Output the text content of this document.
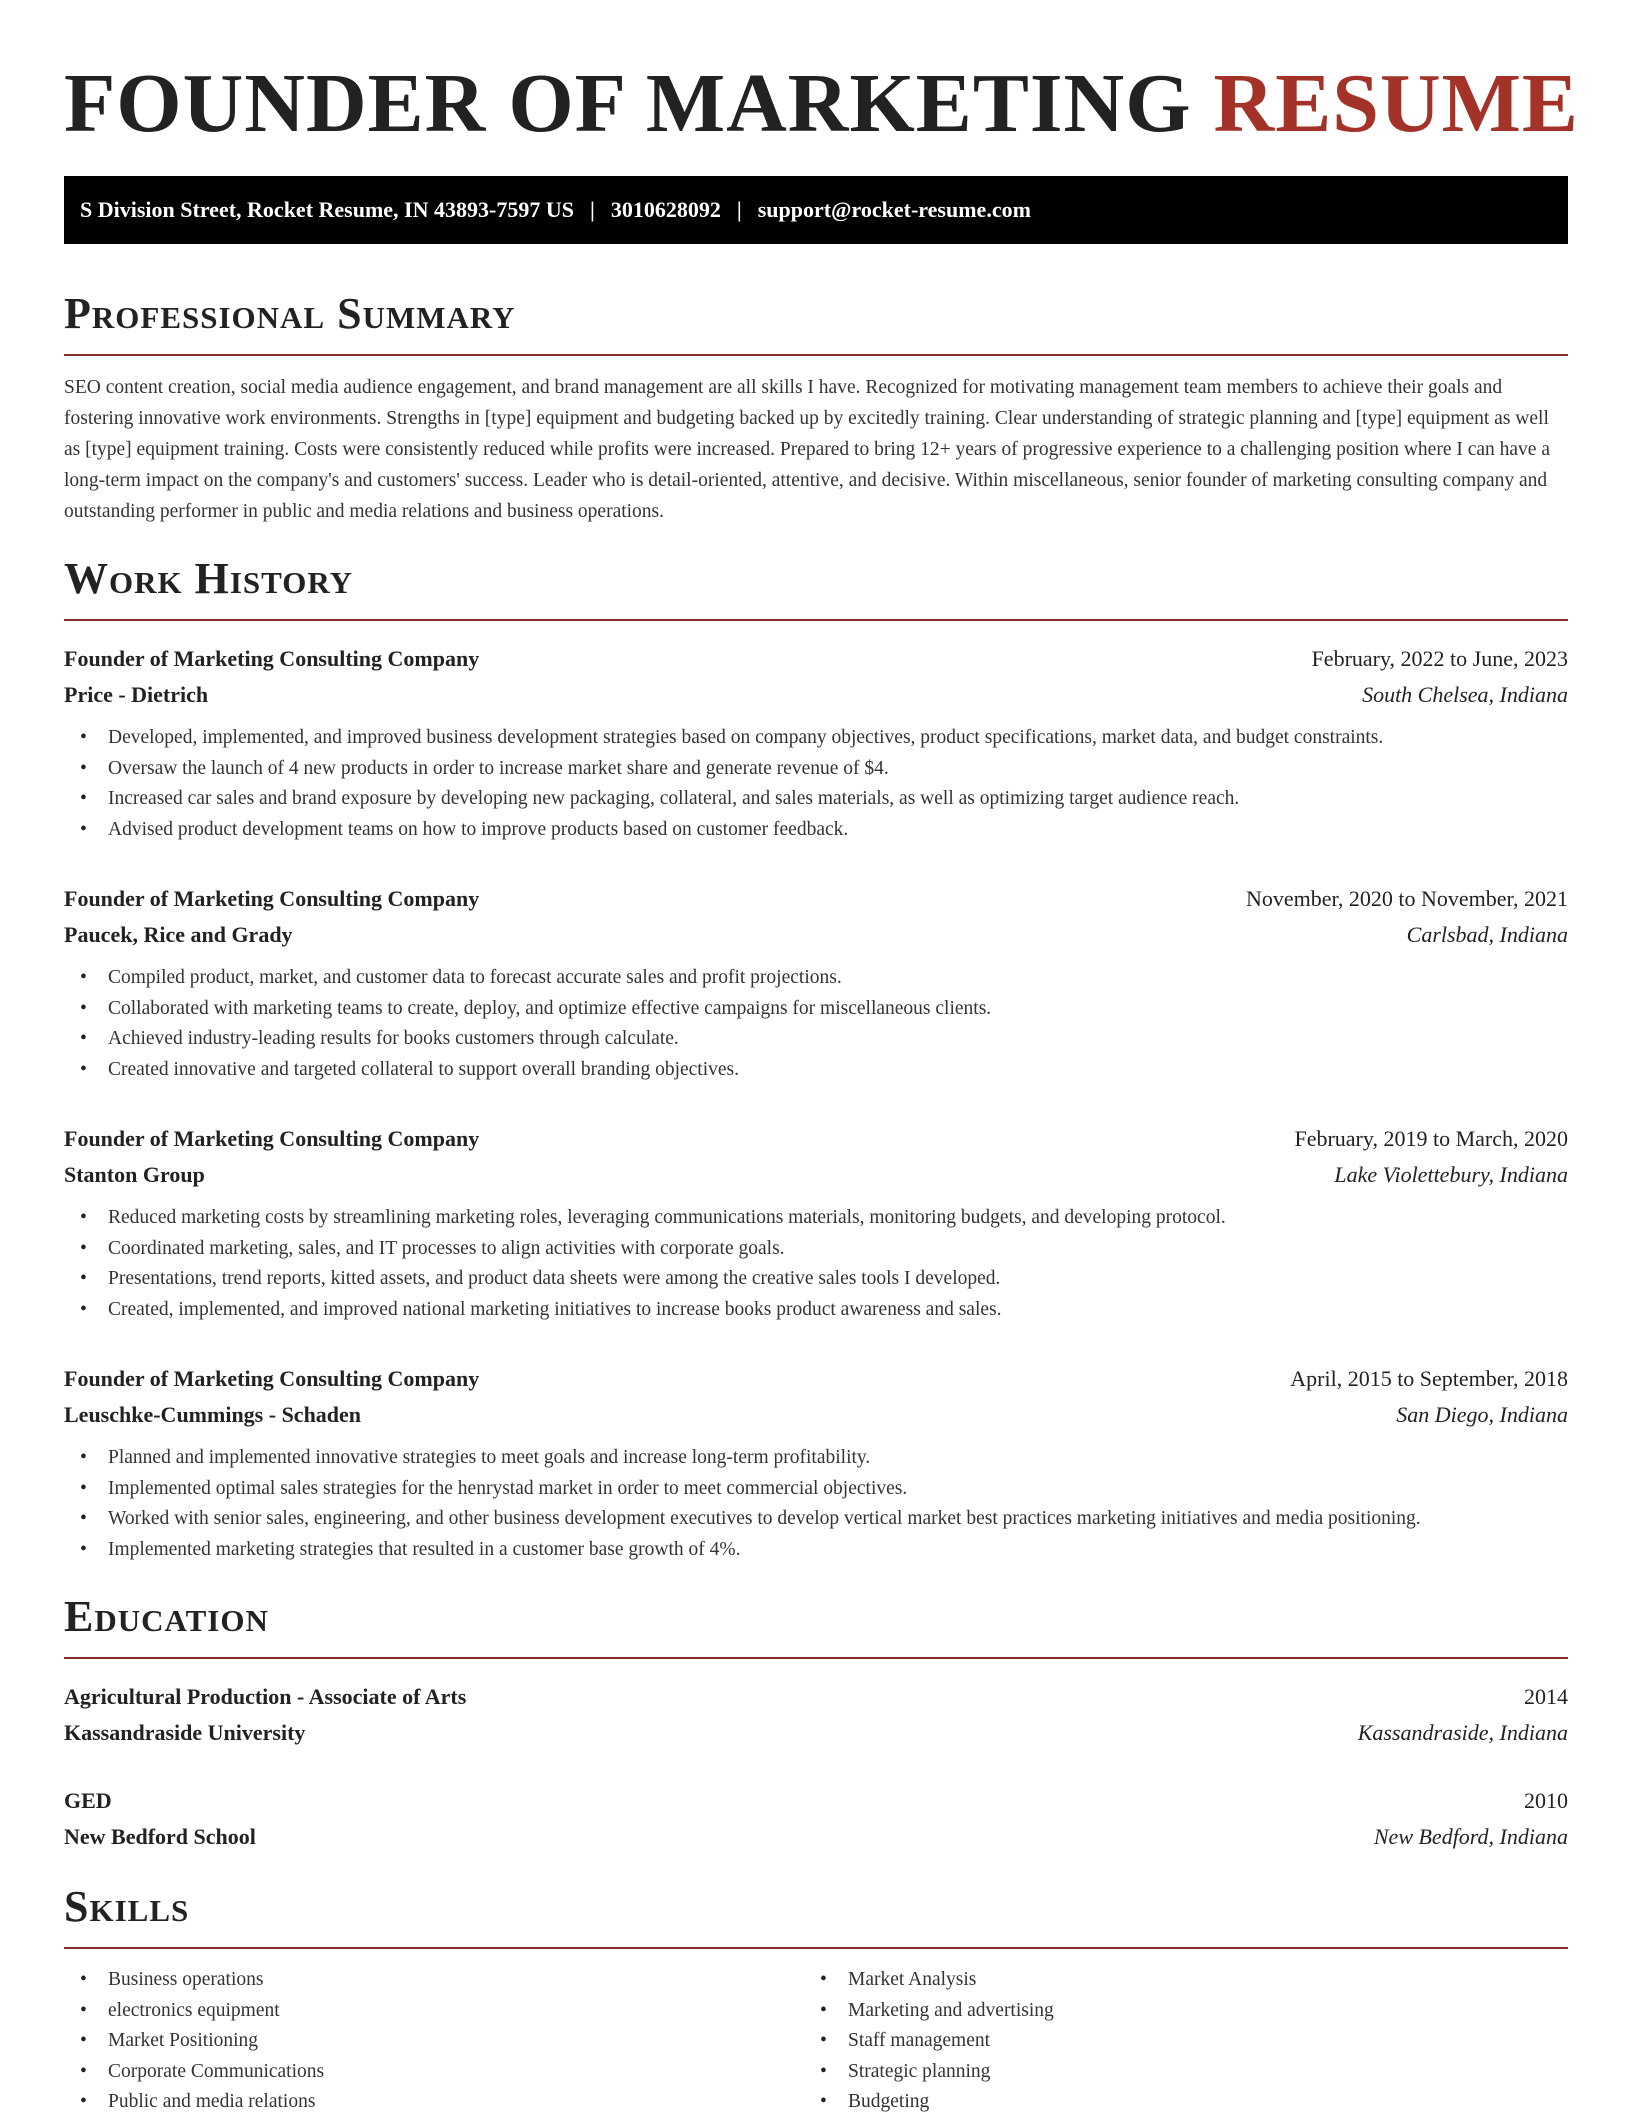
FOUNDER OF MARKETING RESUME
S Division Street, Rocket Resume, IN 43893-7597 US | 3010628092 | support@rocket-resume.com
Professional Summary

SEO content creation, social media audience engagement, and brand management are all skills I have. Recognized for motivating management team members to achieve their goals and fostering innovative work environments. Strengths in [type] equipment and budgeting backed up by excitedly training. Clear understanding of strategic planning and [type] equipment as well as [type] equipment training. Costs were consistently reduced while profits were increased. Prepared to bring 12+ years of progressive experience to a challenging position where I can have a long-term impact on the company's and customers' success. Leader who is detail-oriented, attentive, and decisive. Within miscellaneous, senior founder of marketing consulting company and outstanding performer in public and media relations and business operations.

Work History
Founder of Marketing Consulting Company	February, 2022 to June, 2023
Price - Dietrich	South Chelsea, Indiana
• Developed, implemented, and improved business development strategies based on company objectives, product specifications, market data, and budget constraints.
• Oversaw the launch of 4 new products in order to increase market share and generate revenue of $4.
• Increased car sales and brand exposure by developing new packaging, collateral, and sales materials, as well as optimizing target audience reach.
• Advised product development teams on how to improve products based on customer feedback.
Founder of Marketing Consulting Company	November, 2020 to November, 2021
Paucek, Rice and Grady	Carlsbad, Indiana
• Compiled product, market, and customer data to forecast accurate sales and profit projections.
• Collaborated with marketing teams to create, deploy, and optimize effective campaigns for miscellaneous clients.
• Achieved industry-leading results for books customers through calculate.
• Created innovative and targeted collateral to support overall branding objectives.
Founder of Marketing Consulting Company	February, 2019 to March, 2020
Stanton Group	Lake Violettebury, Indiana
• Reduced marketing costs by streamlining marketing roles, leveraging communications materials, monitoring budgets, and developing protocol.
• Coordinated marketing, sales, and IT processes to align activities with corporate goals.
• Presentations, trend reports, kitted assets, and product data sheets were among the creative sales tools I developed.
• Created, implemented, and improved national marketing initiatives to increase books product awareness and sales.
Founder of Marketing Consulting Company	April, 2015 to September, 2018
Leuschke-Cummings - Schaden	San Diego, Indiana
• Planned and implemented innovative strategies to meet goals and increase long-term profitability.
• Implemented optimal sales strategies for the henrystad market in order to meet commercial objectives.
• Worked with senior sales, engineering, and other business development executives to develop vertical market best practices marketing initiatives and media positioning.
• Implemented marketing strategies that resulted in a customer base growth of 4%.
Education
Agricultural Production - Associate of Arts	2014
Kassandraside University	Kassandraside, Indiana
GED	2010
New Bedford School	New Bedford, Indiana
Skills
• Business operations
• electronics equipment
• Market Positioning
• Corporate Communications
• Public and media relations
• Market Analysis
• Marketing and advertising
• Staff management
• Strategic planning
• Budgeting
